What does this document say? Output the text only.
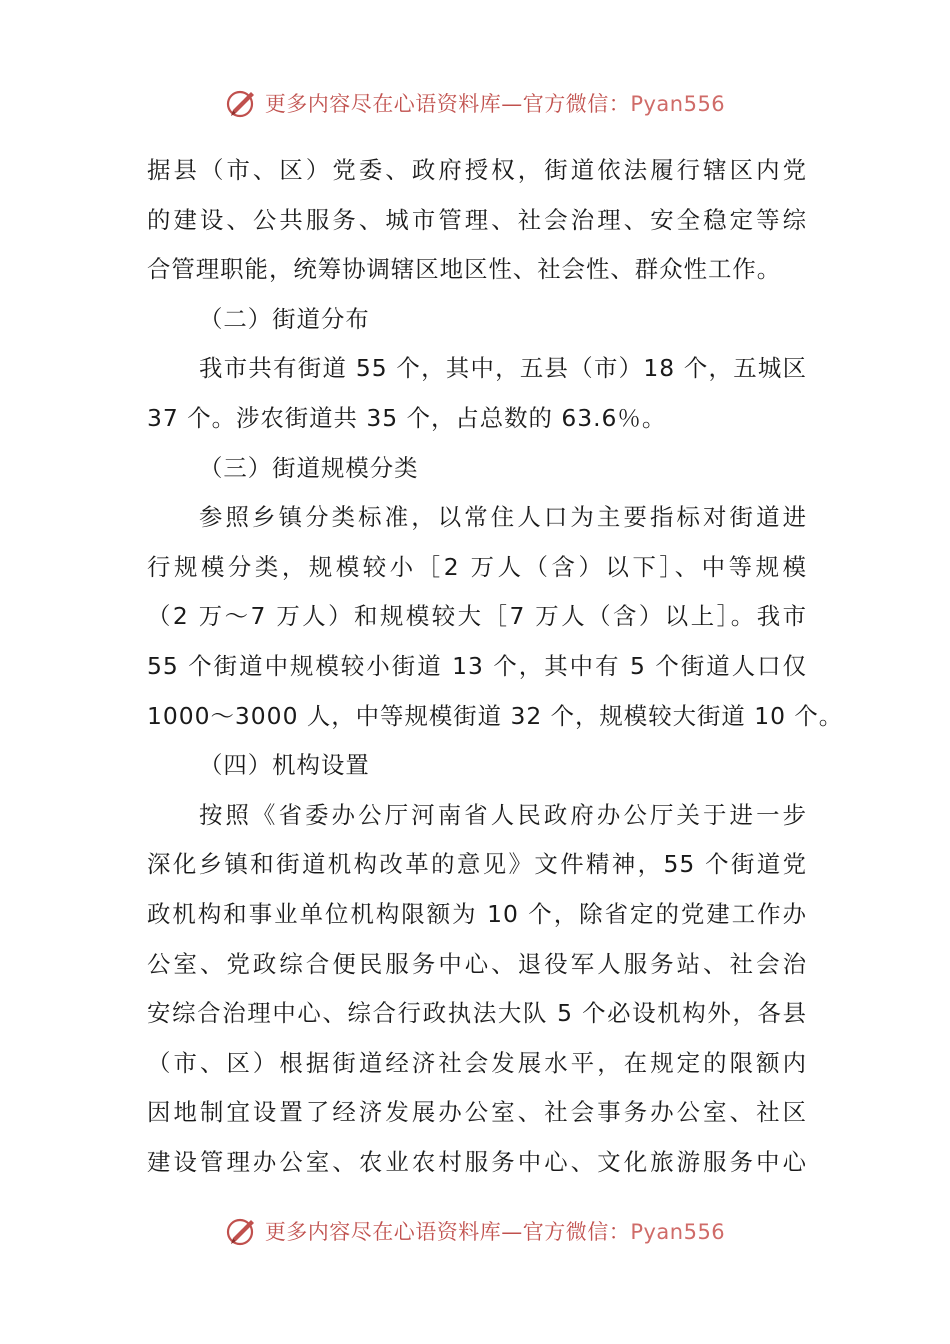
更多内容尽在心语资料库—官方微信：Pyan556
据县（市、区）党委、政府授权，街道依法履行辖区内党
的建设、公共服务、城市管理、社会治理、安全稳定等综
合管理职能，统筹协调辖区地区性、社会性、群众性工作。
（二）街道分布
我市共有街道 55 个，其中，五县（市）18 个，五城区
37 个。涉农街道共 35 个，占总数的 63.6％。
（三）街道规模分类
参照乡镇分类标准，以常住人口为主要指标对街道进
行规模分类，规模较小［2 万人（含）以下］、中等规模
（2 万～7 万人）和规模较大［7 万人（含）以上］。我市
55 个街道中规模较小街道 13 个，其中有 5 个街道人口仅
1000～3000 人，中等规模街道 32 个，规模较大街道 10 个。
（四）机构设置
按照《省委办公厅河南省人民政府办公厅关于进一步
深化乡镇和街道机构改革的意见》文件精神，55 个街道党
政机构和事业单位机构限额为 10 个，除省定的党建工作办
公室、党政综合便民服务中心、退役军人服务站、社会治
安综合治理中心、综合行政执法大队 5 个必设机构外，各县
（市、区）根据街道经济社会发展水平，在规定的限额内
因地制宜设置了经济发展办公室、社会事务办公室、社区
建设管理办公室、农业农村服务中心、文化旅游服务中心
更多内容尽在心语资料库—官方微信：Pyan556
